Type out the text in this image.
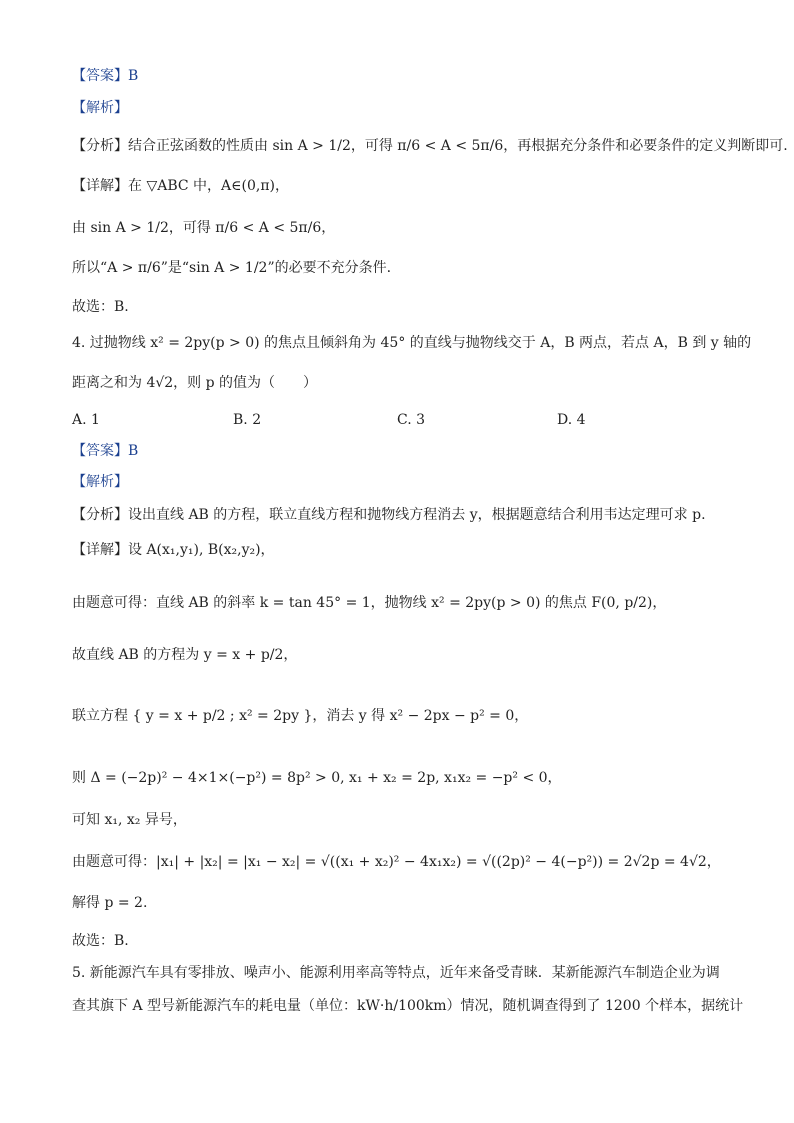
【答案】B
【解析】
【分析】结合正弦函数的性质由 sin A > 1/2，可得 π/6 < A < 5π/6，再根据充分条件和必要条件的定义判断即可.
【详解】在 ▽ABC 中，A∈(0,π)，
由 sin A > 1/2，可得 π/6 < A < 5π/6，
所以“A > π/6”是“sin A > 1/2”的必要不充分条件.
故选：B.
4. 过抛物线 x² = 2py(p > 0) 的焦点且倾斜角为 45° 的直线与抛物线交于 A，B 两点，若点 A，B 到 y 轴的
距离之和为 4√2，则 p 的值为（　　）
A. 1	B. 2	C. 3	D. 4
【答案】B
【解析】
【分析】设出直线 AB 的方程，联立直线方程和抛物线方程消去 y，根据题意结合利用韦达定理可求 p.
【详解】设 A(x₁,y₁), B(x₂,y₂)，
由题意可得：直线 AB 的斜率 k = tan 45° = 1，抛物线 x² = 2py(p > 0) 的焦点 F(0, p/2)，
故直线 AB 的方程为 y = x + p/2，
联立方程 { y = x + p/2 ; x² = 2py }，消去 y 得 x² − 2px − p² = 0，
则 Δ = (−2p)² − 4×1×(−p²) = 8p² > 0, x₁ + x₂ = 2p, x₁x₂ = −p² < 0，
可知 x₁, x₂ 异号，
由题意可得：|x₁| + |x₂| = |x₁ − x₂| = √((x₁ + x₂)² − 4x₁x₂) = √((2p)² − 4(−p²)) = 2√2p = 4√2，
解得 p = 2.
故选：B.
5. 新能源汽车具有零排放、噪声小、能源利用率高等特点，近年来备受青睐．某新能源汽车制造企业为调
查其旗下 A 型号新能源汽车的耗电量（单位：kW·h/100km）情况，随机调查得到了 1200 个样本，据统计
